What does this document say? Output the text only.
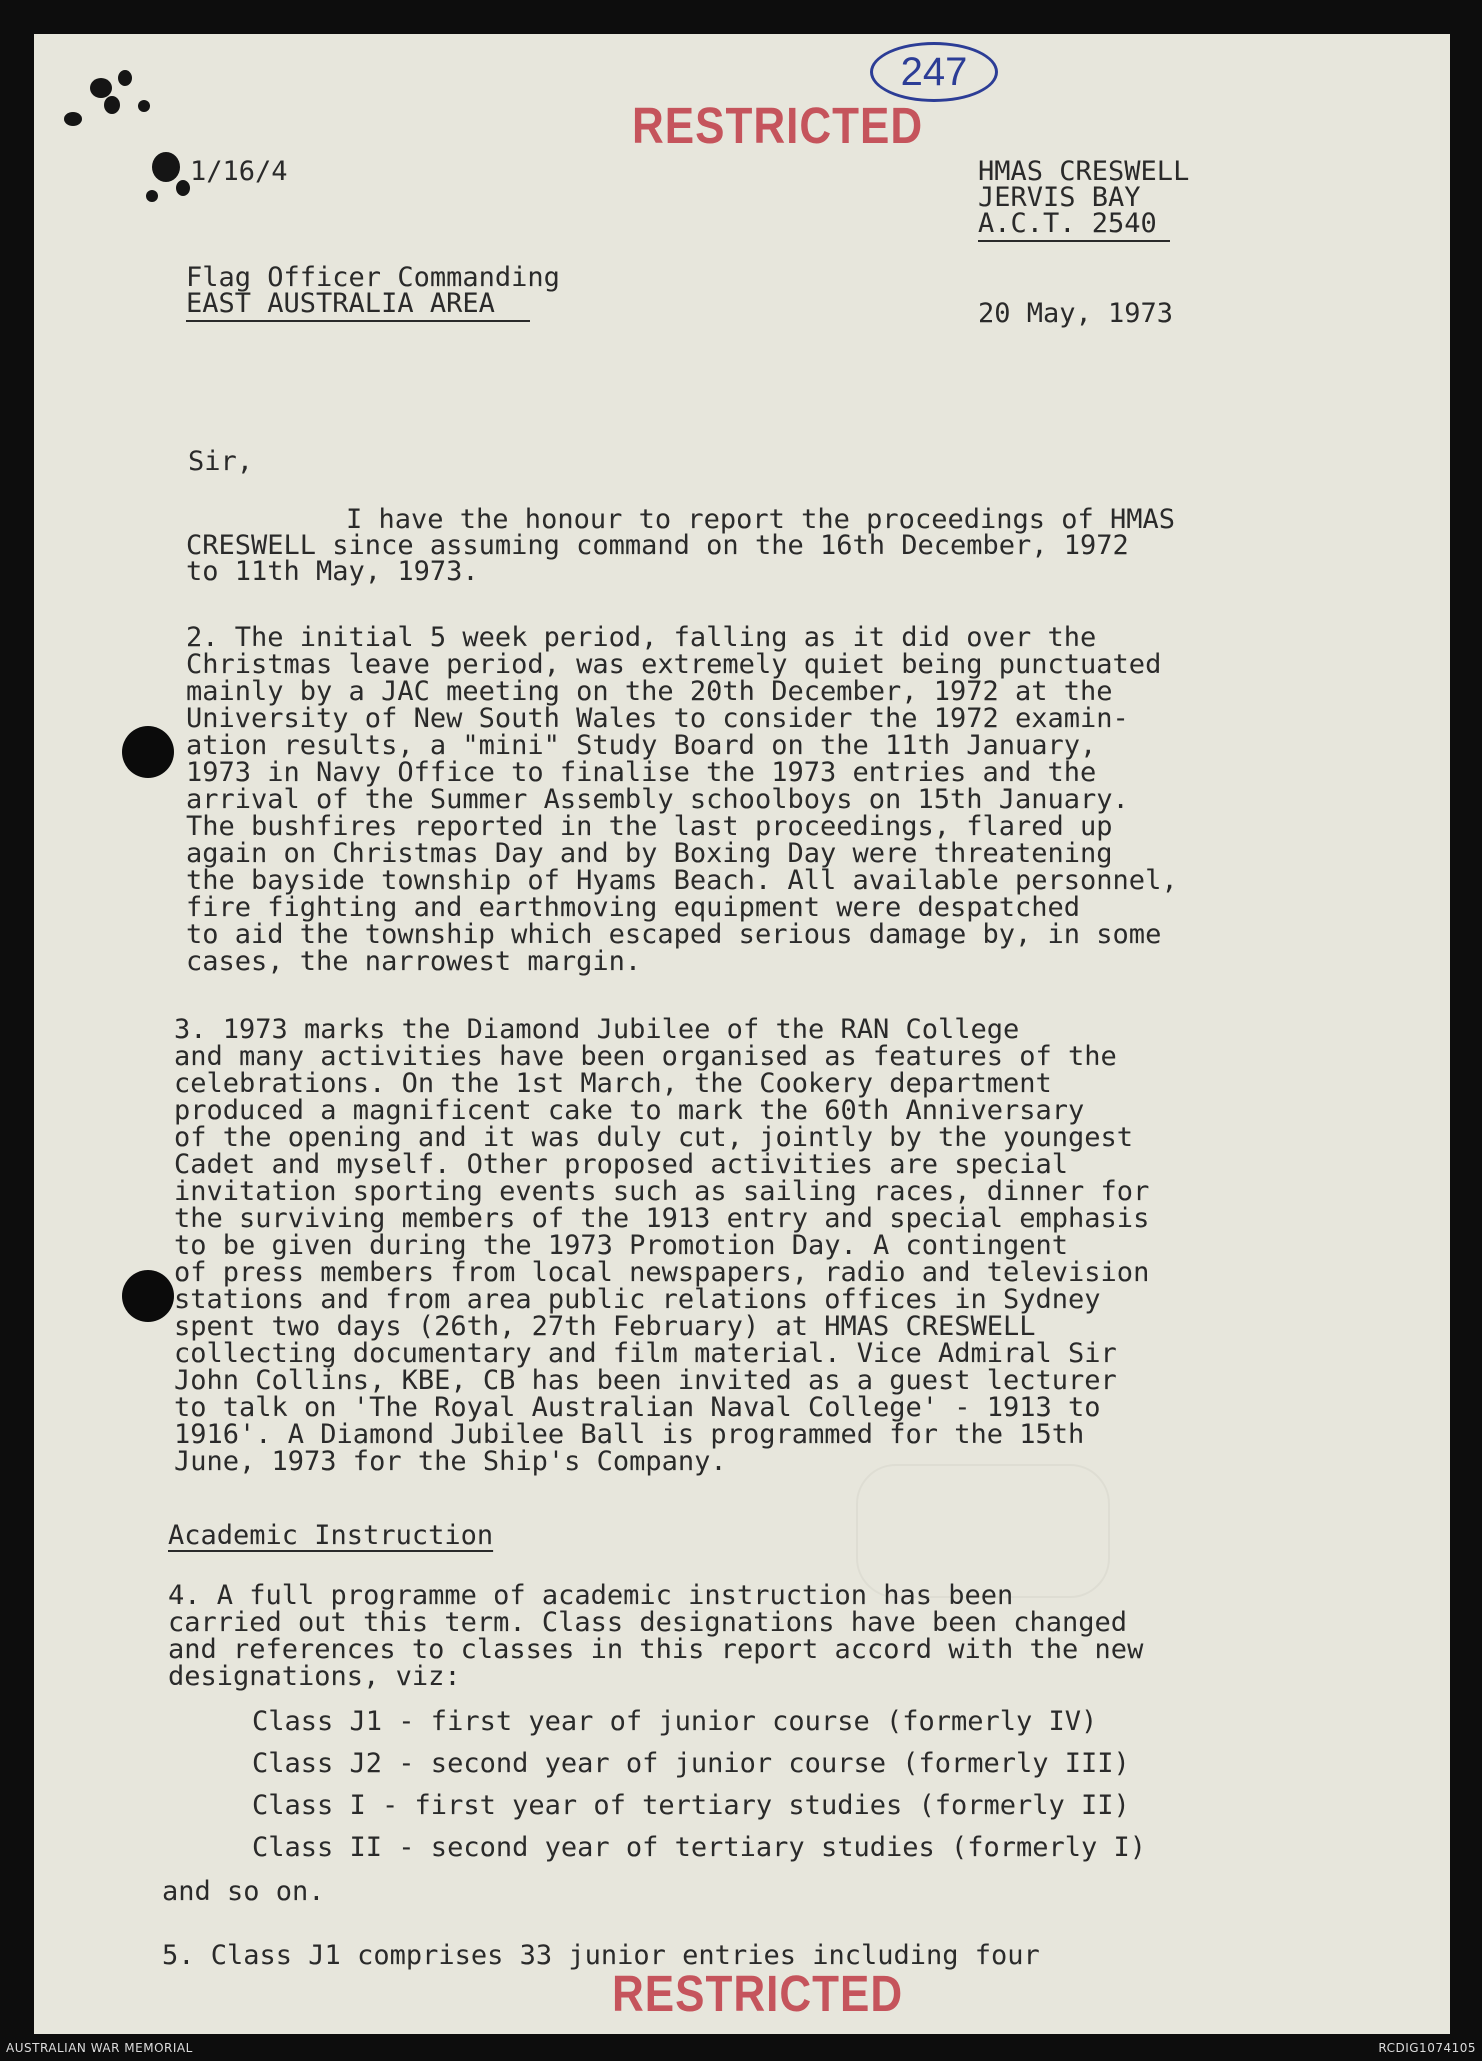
247
RESTRICTED
1/16/4	HMAS CRESWELL
JERVIS BAY
A.C.T. 2540
Flag Officer Commanding
EAST AUSTRALIA AREA	20 May, 1973
Sir,
I have the honour to report the proceedings of HMAS
CRESWELL since assuming command on the 16th December, 1972
to 11th May, 1973.
2. The initial 5 week period, falling as it did over the
Christmas leave period, was extremely quiet being punctuated
mainly by a JAC meeting on the 20th December, 1972 at the
University of New South Wales to consider the 1972 examin-
ation results, a "mini" Study Board on the 11th January,
1973 in Navy Office to finalise the 1973 entries and the
arrival of the Summer Assembly schoolboys on 15th January.
The bushfires reported in the last proceedings, flared up
again on Christmas Day and by Boxing Day were threatening
the bayside township of Hyams Beach. All available personnel,
fire fighting and earthmoving equipment were despatched
to aid the township which escaped serious damage by, in some
cases, the narrowest margin.
3. 1973 marks the Diamond Jubilee of the RAN College
and many activities have been organised as features of the
celebrations. On the 1st March, the Cookery department
produced a magnificent cake to mark the 60th Anniversary
of the opening and it was duly cut, jointly by the youngest
Cadet and myself. Other proposed activities are special
invitation sporting events such as sailing races, dinner for
the surviving members of the 1913 entry and special emphasis
to be given during the 1973 Promotion Day. A contingent
of press members from local newspapers, radio and television
stations and from area public relations offices in Sydney
spent two days (26th, 27th February) at HMAS CRESWELL
collecting documentary and film material. Vice Admiral Sir
John Collins, KBE, CB has been invited as a guest lecturer
to talk on 'The Royal Australian Naval College' - 1913 to
1916'. A Diamond Jubilee Ball is programmed for the 15th
June, 1973 for the Ship's Company.
Academic Instruction
4. A full programme of academic instruction has been
carried out this term. Class designations have been changed
and references to classes in this report accord with the new
designations, viz:
Class J1 - first year of junior course (formerly IV)
Class J2 - second year of junior course (formerly III)
Class I - first year of tertiary studies (formerly II)
Class II - second year of tertiary studies (formerly I)
and so on.
5. Class J1 comprises 33 junior entries including four
RESTRICTED
AUSTRALIAN WAR MEMORIAL	RCDIG1074105
